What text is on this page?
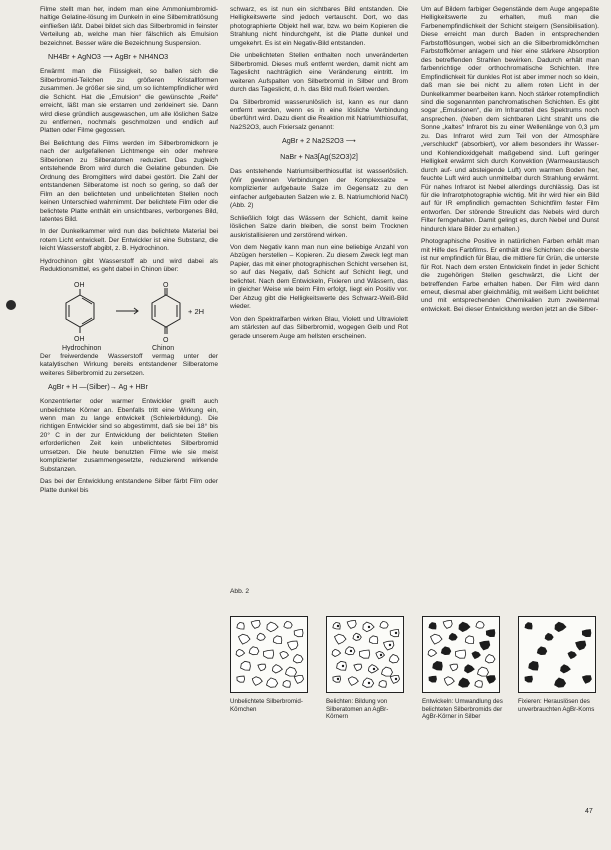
Filme stellt man her, indem man eine Ammoniumbromid-haltige Gelatine-lösung im Dunkeln in eine Silbernitratlösung einfließen läßt. Dabei bildet sich das Silberbromid in feinster Verteilung ab, welche man hier fälschlich als Emulsion bezeichnet. Besser wäre die Bezeichnung Suspension.

NH4Br + AgNO3 ⟶ AgBr + NH4NO3

Erwärmt man die Flüssigkeit, so ballen sich die Silberbromid-Teilchen zu größeren Kristallformen zusammen. Je größer sie sind, um so lichtempfindlicher wird die Schicht. Hat die „Emulsion“ die gewünschte „Reife“ erreicht, läßt man sie erstarren und zerkleinert sie. Dann wird diese gründlich ausgewaschen, um alle löslichen Salze zu entfernen, nochmals geschmolzen und endlich auf Platten oder Filme gegossen.

Bei Belichtung des Films werden im Silberbromidkorn je nach der aufgefallenen Lichtmenge ein oder mehrere Silberionen zu Silberatomen reduziert. Das zugleich entstehende Brom wird durch die Gelatine gebunden. Die Ordnung des Bromgitters wird dabei gestört. Die Zahl der entstandenen Silberatome ist noch so gering, so daß der Film an den belichteten und unbelichteten Stellen noch keinen Unterschied wahrnimmt. Der belichtete Film oder die belichtete Platte enthält ein unsichtbares, verborgenes Bild, latentes Bild.

In der Dunkelkammer wird nun das belichtete Material bei rotem Licht entwickelt. Der Entwickler ist eine Substanz, die leicht Wasserstoff abgibt, z. B. Hydrochinon.

Hydrochinon gibt Wasserstoff ab und wird dabei als Reduktionsmittel, es geht dabei in Chinon über:

OH
OH
O
O
+ 2H
Hydrochinon	Chinon

Der freiwerdende Wasserstoff vermag unter der katalytischen Wirkung bereits entstandener Silberatome weiteres Silberbromid zu zersetzen.

AgBr + H —(Silber)→ Ag + HBr

Konzentrierter oder warmer Entwickler greift auch unbelichtete Körner an. Ebenfalls tritt eine Wirkung ein, wenn man zu lange entwickelt (Schleierbildung). Die richtigen Entwickler sind so abgestimmt, daß sie bei 18° bis 20° C in der zur Entwicklung der belichteten Stellen erforderlichen Zeit kein unbelichtetes Silberbromid umsetzen. Die heute benutzten Filme wie sie meist komplizierter zusammengesetzte, reduzierend wirkende Substanzen.

Das bei der Entwicklung entstandene Silber färbt Film oder Platte dunkel bis

schwarz, es ist nun ein sichtbares Bild entstanden. Die Helligkeitswerte sind jedoch vertauscht. Dort, wo das photographierte Objekt hell war, bzw. wo beim Kopieren die Strahlung nicht hindurchgeht, ist die Platte dunkel und umgekehrt. Es ist ein Negativ-Bild entstanden.

Die unbelichteten Stellen enthalten noch unveränderten Silberbromid. Dieses muß entfernt werden, damit nicht am Tageslicht nachträglich eine Veränderung eintritt. Im weiteren Aufspalten von Silberbromid in Silber und Brom durch das Tageslicht, d. h. das Bild muß fixiert werden.

Da Silberbromid wasserunlöslich ist, kann es nur dann entfernt werden, wenn es in eine lösliche Verbindung überführt wird. Dazu dient die Reaktion mit Natriumthiosulfat, Na2S2O3, auch Fixiersalz genannt:

AgBr + 2 Na2S2O3 ⟶
NaBr + Na3[Ag(S2O3)2]

Das entstehende Natriumsilberthiosulfat ist wasserlöslich. (Wir gewinnen Verbindungen der Komplexsalze = komplizierter aufgebaute Salze im Gegensatz zu den einfacher aufgebauten Salzen wie z. B. Natriumchlorid NaCl) (Abb. 2)

Schließlich folgt das Wässern der Schicht, damit keine löslichen Salze darin bleiben, die sonst beim Trocknen auskristallisieren und zerstörend wirken.

Von dem Negativ kann man nun eine beliebige Anzahl von Abzügen herstellen – Kopieren. Zu diesem Zweck legt man Papier, das mit einer photographischen Schicht versehen ist, so auf das Negativ, daß Schicht auf Schicht liegt, und belichtet. Nach dem Entwickeln, Fixieren und Wässern, das in gleicher Weise wie beim Film erfolgt, liegt ein Positiv vor. Der Abzug gibt die Helligkeitswerte des Schwarz-Weiß-Bild wieder.

Von den Spektralfarben wirken Blau, Violett und Ultraviolett am stärksten auf das Silberbromid, wogegen Gelb und Rot gerade unserem Auge am hellsten erscheinen.

Um auf Bildern farbiger Gegenstände dem Auge angepaßte Helligkeitswerte zu erhalten, muß man die Farbenempfindlichkeit der Schicht steigern (Sensibilisation). Diese erreicht man durch Baden in entsprechenden Farbstofflösungen, wobei sich an die Silberbromidkörnchen Farbstoffkörner anlagern und hier eine stärkere Absorption des betreffenden Strahlen bewirken. Dadurch erhält man farbenrichtige oder orthochromatische Schichten. Ihre Empfindlichkeit für dunkles Rot ist aber immer noch so klein, daß man sie bei nicht zu allem roten Licht in der Dunkelkammer bearbeiten kann. Noch stärker rotempfindlich sind die sogenannten panchromatischen Schichten. Es gibt sogar „Emulsionen“, die im Infrarotteil des Spektrums noch ansprechen. (Neben dem sichtbaren Licht strahlt uns die Sonne „kaltes“ Infrarot bis zu einer Wellenlänge von 0,3 µm zu. Das Infrarot wird zum Teil von der Atmosphäre „verschluckt“ (absorbiert), vor allem besonders ihr Wasser- und Kohlendioxidgehalt maßgebend sind. Luft geringer Helligkeit erwärmt sich durch Konvektion (Warmeaustausch durch auf- und absteigende Luft) vom warmen Boden her, feuchte Luft wird auch unmittelbar durch Strahlung erwärmt. Für nahes Infrarot ist Nebel allerdings durchlässig. Das ist für die Infrarotphotographie wichtig. Mit ihr wird hier ein Bild auf für IR empfindlich gemachten Schichtfilm fester Film entworfen. Der störende Streulicht das Nebels wird durch Filter ferngehalten. Damit gelingt es, durch Nebel und Dunst hindurch klare Bilder zu erhalten.)

Photographische Positive in natürlichen Farben erhält man mit Hilfe des Farbfilms. Er enthält drei Schichten: die oberste ist nur empfindlich für Blau, die mittlere für Grün, die unterste für Rot. Nach dem ersten Entwickeln findet in jeder Schicht die zugehörigen Stellen geschwärzt, die Licht der betreffenden Farbe erhalten haben. Der Film wird dann erneut, diesmal aber gleichmäßig, mit weißem Licht belichtet und mit entsprechenden Chemikalien zum zweitenmal entwickelt. Bei dieser Entwicklung werden jetzt an die Silber-

Abb. 2
Unbelichtete Silberbromid-Körnchen
Belichten: Bildung von Silberatomen an AgBr-Körnern
Entwickeln: Umwandlung des belichteten Silberbromids der AgBr-Körner in Silber
Fixieren: Herauslösen des unverbrauchten AgBr-Korns
47
